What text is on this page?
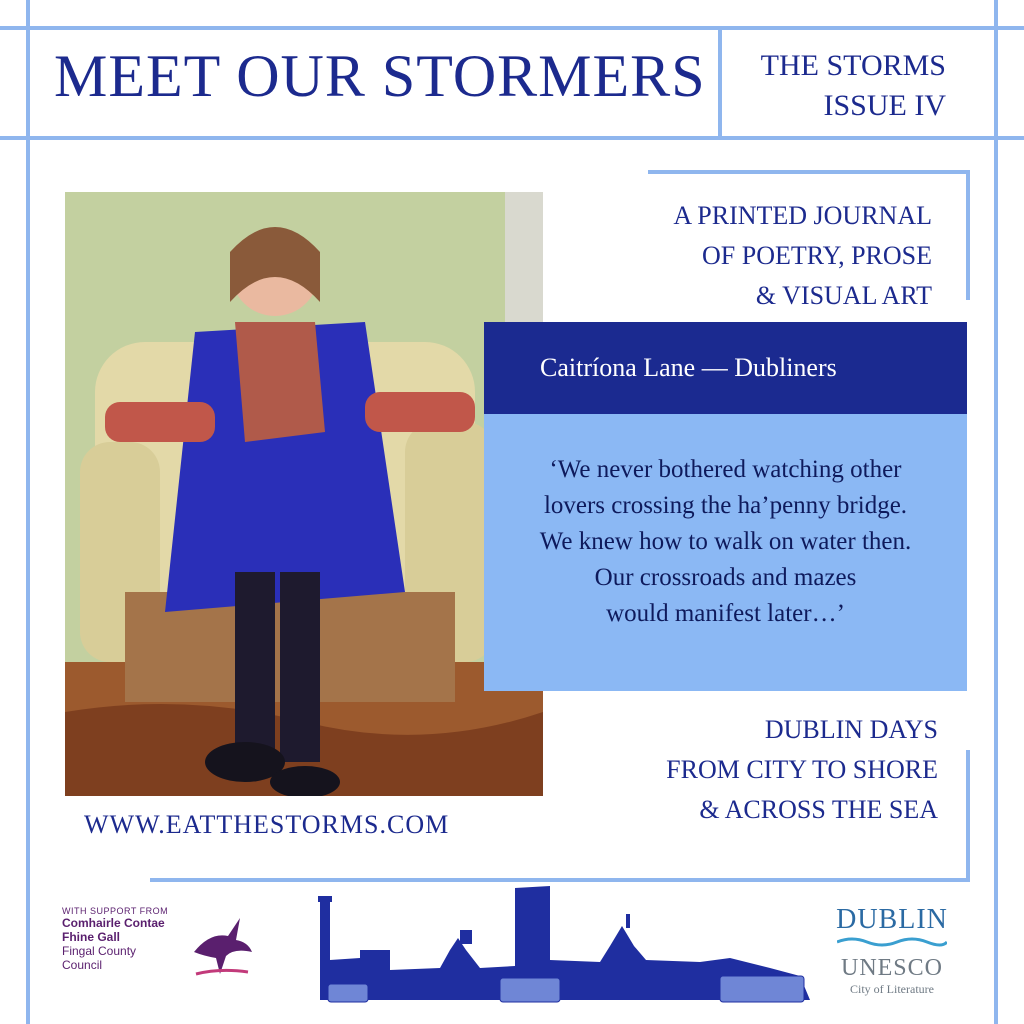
MEET OUR STORMERS THE STORMS
ISSUE IV
A PRINTED JOURNAL
OF POETRY, PROSE
& VISUAL ART
Caitríona Lane — Dubliners
‘We never bothered watching other
lovers crossing the ha’penny bridge.
We knew how to walk on water then.
Our crossroads and mazes
would manifest later…’
DUBLIN DAYS
FROM CITY TO SHORE
& ACROSS THE SEA
WWW.EATTHESTORMS.COM
WITH SUPPORT FROM
Comhairle Contae
Fhine Gall
Fingal County
Council
DUBLIN
UNESCO
City of Literature
